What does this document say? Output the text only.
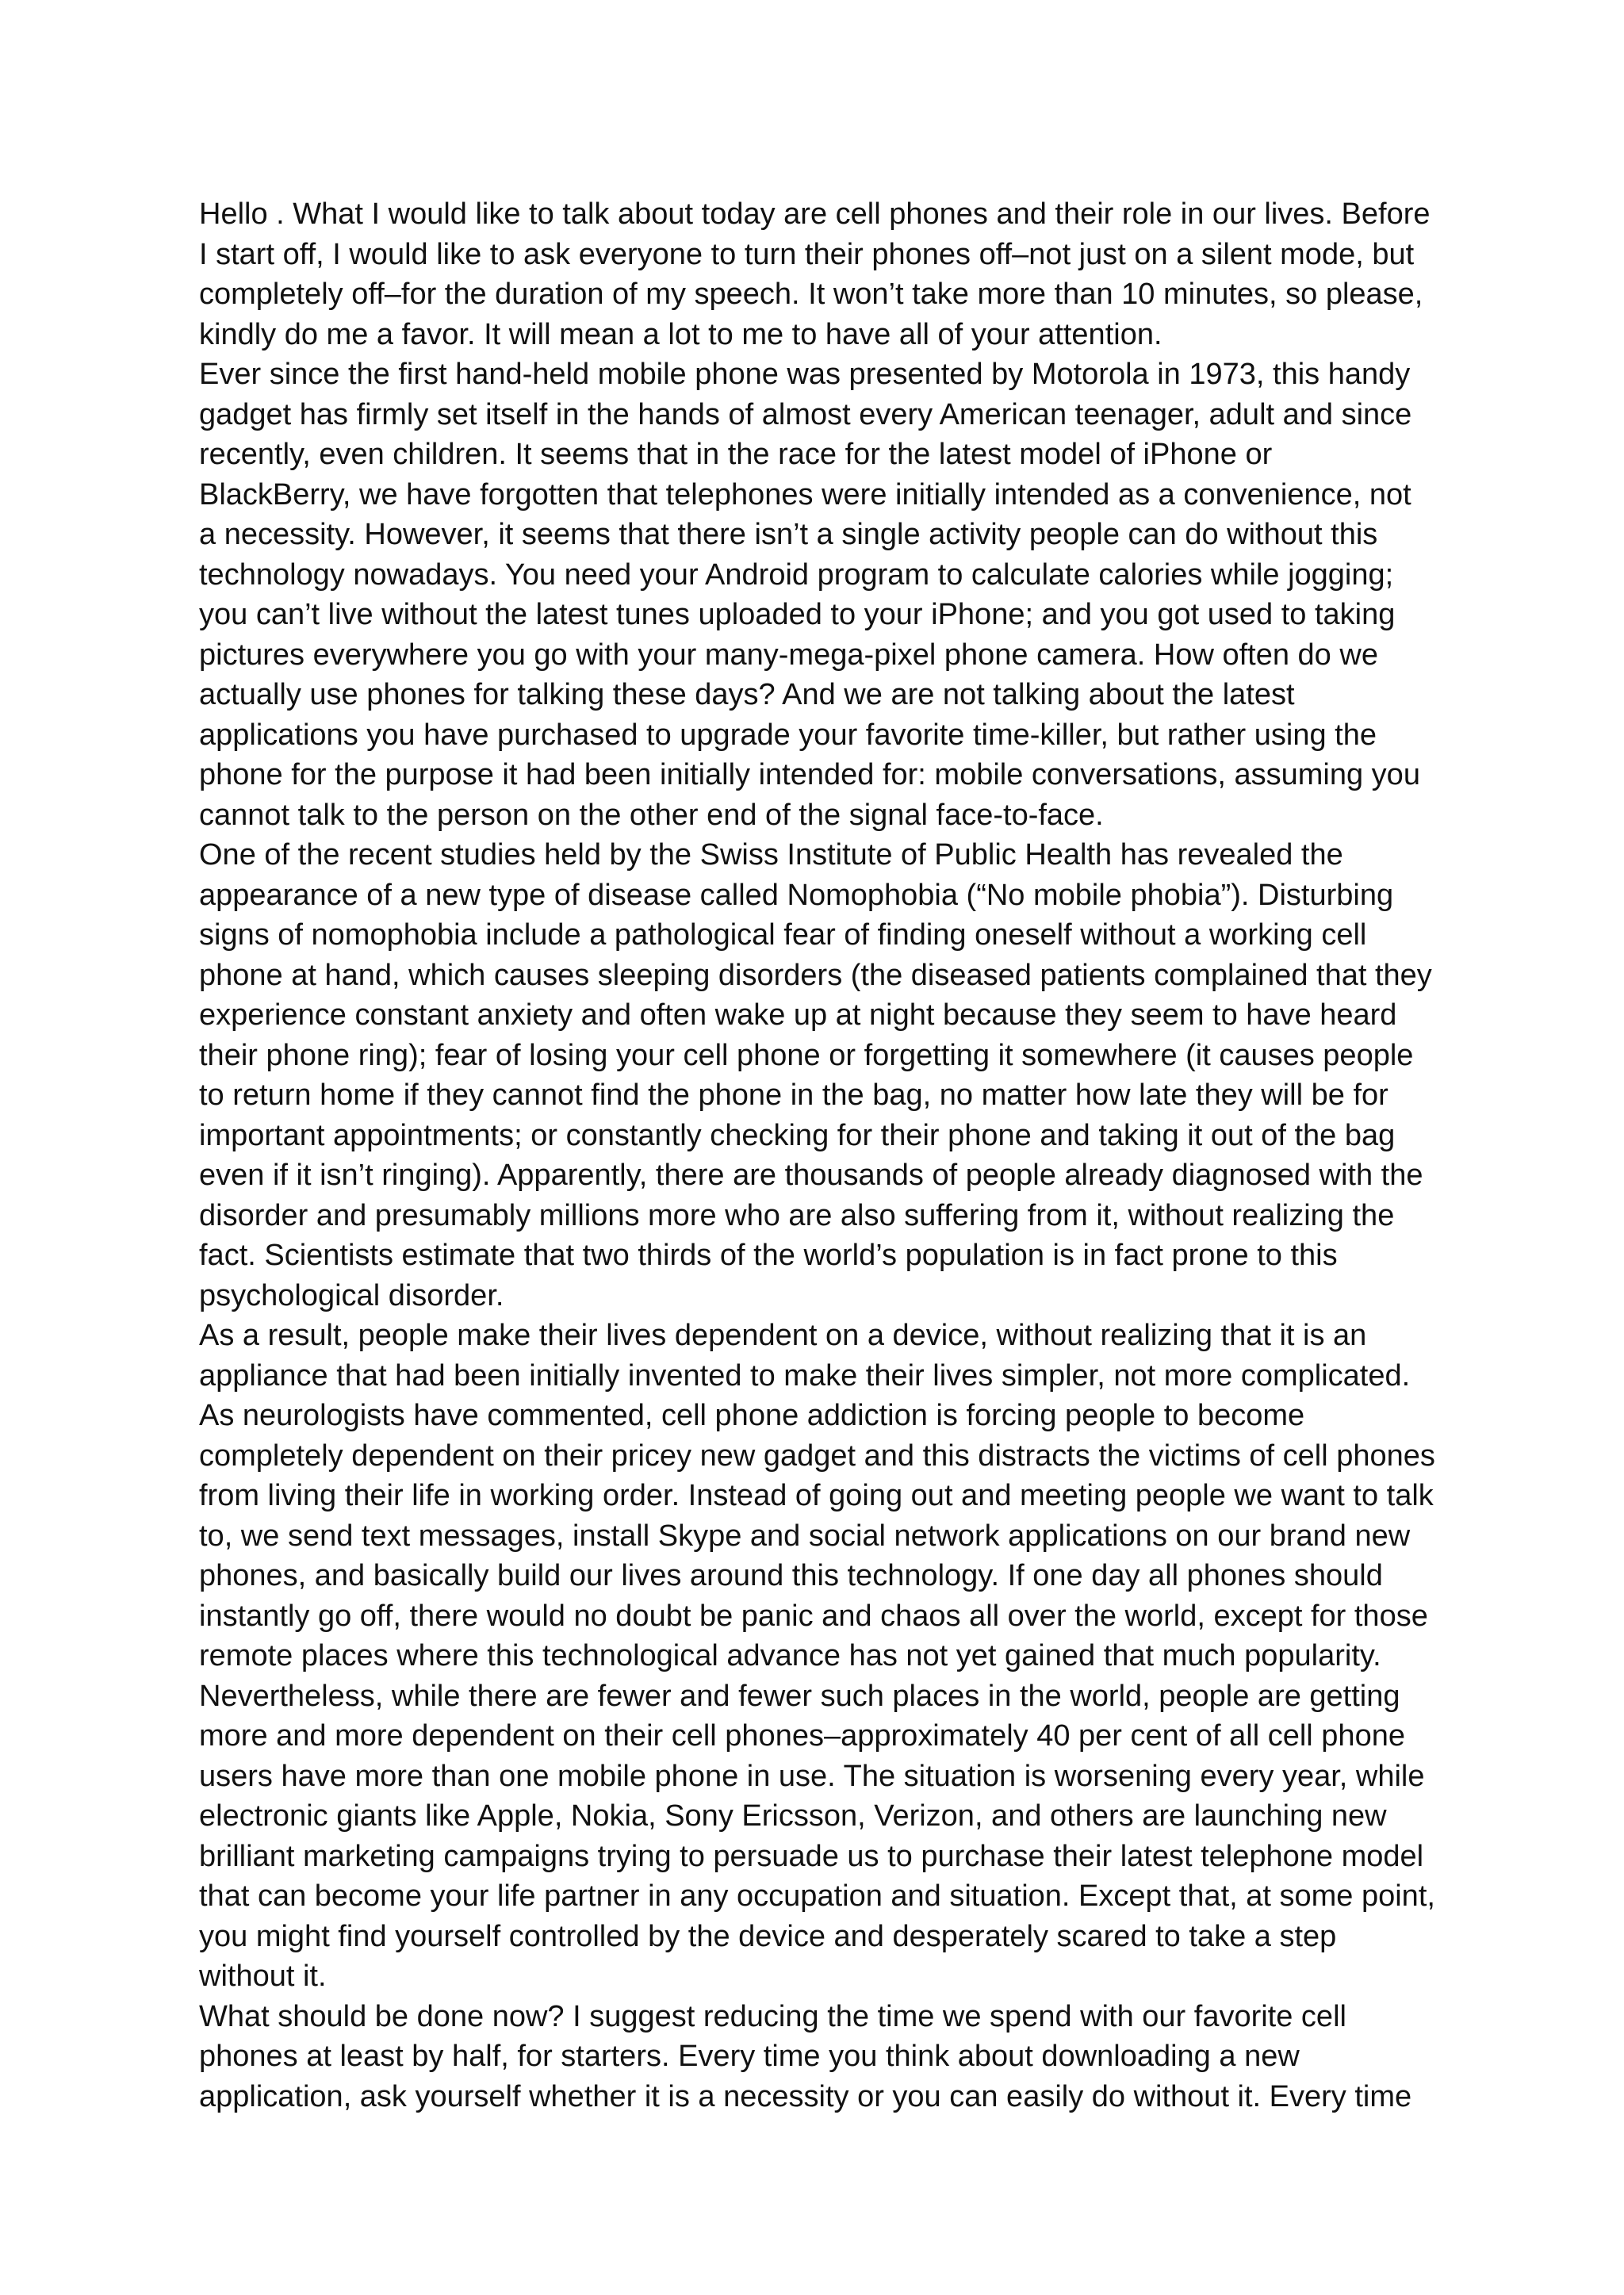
Hello . What I would like to talk about today are cell phones and their role in our lives. Before
I start off, I would like to ask everyone to turn their phones off–not just on a silent mode, but
completely off–for the duration of my speech. It won’t take more than 10 minutes, so please,
kindly do me a favor. It will mean a lot to me to have all of your attention.
Ever since the first hand-held mobile phone was presented by Motorola in 1973, this handy
gadget has firmly set itself in the hands of almost every American teenager, adult and since
recently, even children. It seems that in the race for the latest model of iPhone or
BlackBerry, we have forgotten that telephones were initially intended as a convenience, not
a necessity. However, it seems that there isn’t a single activity people can do without this
technology nowadays. You need your Android program to calculate calories while jogging;
you can’t live without the latest tunes uploaded to your iPhone; and you got used to taking
pictures everywhere you go with your many-mega-pixel phone camera. How often do we
actually use phones for talking these days? And we are not talking about the latest
applications you have purchased to upgrade your favorite time-killer, but rather using the
phone for the purpose it had been initially intended for: mobile conversations, assuming you
cannot talk to the person on the other end of the signal face-to-face.
One of the recent studies held by the Swiss Institute of Public Health has revealed the
appearance of a new type of disease called Nomophobia (“No mobile phobia”). Disturbing
signs of nomophobia include a pathological fear of finding oneself without a working cell
phone at hand, which causes sleeping disorders (the diseased patients complained that they
experience constant anxiety and often wake up at night because they seem to have heard
their phone ring); fear of losing your cell phone or forgetting it somewhere (it causes people
to return home if they cannot find the phone in the bag, no matter how late they will be for
important appointments; or constantly checking for their phone and taking it out of the bag
even if it isn’t ringing). Apparently, there are thousands of people already diagnosed with the
disorder and presumably millions more who are also suffering from it, without realizing the
fact. Scientists estimate that two thirds of the world’s population is in fact prone to this
psychological disorder.
As a result, people make their lives dependent on a device, without realizing that it is an
appliance that had been initially invented to make their lives simpler, not more complicated.
As neurologists have commented, cell phone addiction is forcing people to become
completely dependent on their pricey new gadget and this distracts the victims of cell phones
from living their life in working order. Instead of going out and meeting people we want to talk
to, we send text messages, install Skype and social network applications on our brand new
phones, and basically build our lives around this technology. If one day all phones should
instantly go off, there would no doubt be panic and chaos all over the world, except for those
remote places where this technological advance has not yet gained that much popularity.
Nevertheless, while there are fewer and fewer such places in the world, people are getting
more and more dependent on their cell phones–approximately 40 per cent of all cell phone
users have more than one mobile phone in use. The situation is worsening every year, while
electronic giants like Apple, Nokia, Sony Ericsson, Verizon, and others are launching new
brilliant marketing campaigns trying to persuade us to purchase their latest telephone model
that can become your life partner in any occupation and situation. Except that, at some point,
you might find yourself controlled by the device and desperately scared to take a step
without it.
What should be done now? I suggest reducing the time we spend with our favorite cell
phones at least by half, for starters. Every time you think about downloading a new
application, ask yourself whether it is a necessity or you can easily do without it. Every time
